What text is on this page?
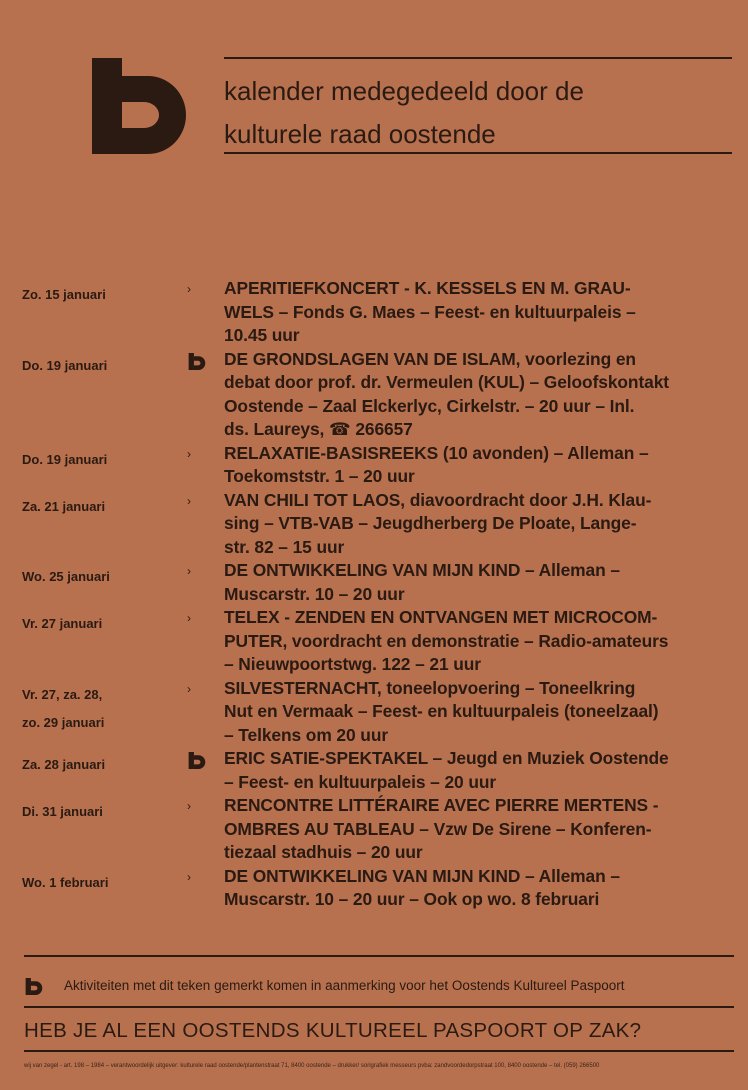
kalender medegedeeld door de
kulturele raad oostende
Zo. 15 januari	› APERITIEFKONCERT - K. KESSELS EN M. GRAU-
WELS – Fonds G. Maes – Feest- en kultuurpaleis –
10.45 uur
Do. 19 januari	DE GRONDSLAGEN VAN DE ISLAM, voorlezing en
debat door prof. dr. Vermeulen (KUL) – Geloofskontakt
Oostende – Zaal Elckerlyc, Cirkelstr. – 20 uur – Inl.
ds. Laureys, ☎ 266657
Do. 19 januari	› RELAXATIE-BASISREEKS (10 avonden) – Alleman –
Toekomststr. 1 – 20 uur
Za. 21 januari	› VAN CHILI TOT LAOS, diavoordracht door J.H. Klau-
sing – VTB-VAB – Jeugdherberg De Ploate, Lange-
str. 82 – 15 uur
Wo. 25 januari	› DE ONTWIKKELING VAN MIJN KIND – Alleman –
Muscarstr. 10 – 20 uur
Vr. 27 januari	› TELEX - ZENDEN EN ONTVANGEN MET MICROCOM-
PUTER, voordracht en demonstratie – Radio-amateurs
– Nieuwpoortstwg. 122 – 21 uur
Vr. 27, za. 28,
zo. 29 januari
› SILVESTERNACHT, toneelopvoering – Toneelkring
Nut en Vermaak – Feest- en kultuurpaleis (toneelzaal)
– Telkens om 20 uur
Za. 28 januari	ERIC SATIE-SPEKTAKEL – Jeugd en Muziek Oostende
– Feest- en kultuurpaleis – 20 uur
Di. 31 januari	› RENCONTRE LITTÉRAIRE AVEC PIERRE MERTENS -
OMBRES AU TABLEAU – Vzw De Sirene – Konferen-
tiezaal stadhuis – 20 uur
Wo. 1 februari	› DE ONTWIKKELING VAN MIJN KIND – Alleman –
Muscarstr. 10 – 20 uur – Ook op wo. 8 februari
Aktiviteiten met dit teken gemerkt komen in aanmerking voor het Oostends Kultureel Paspoort
HEB JE AL EEN OOSTENDS KULTUREEL PASPOORT OP ZAK?
wij van zegel - art. 198 – 1984 – verantwoordelijk uitgever: kulturele raad oostende/plantenstraat 71, 8400 oostende – drukker/ sorigrafiek messeurs pvba: zandvoordedorpstraat 100, 8400 oostende – tel. (059) 266500
